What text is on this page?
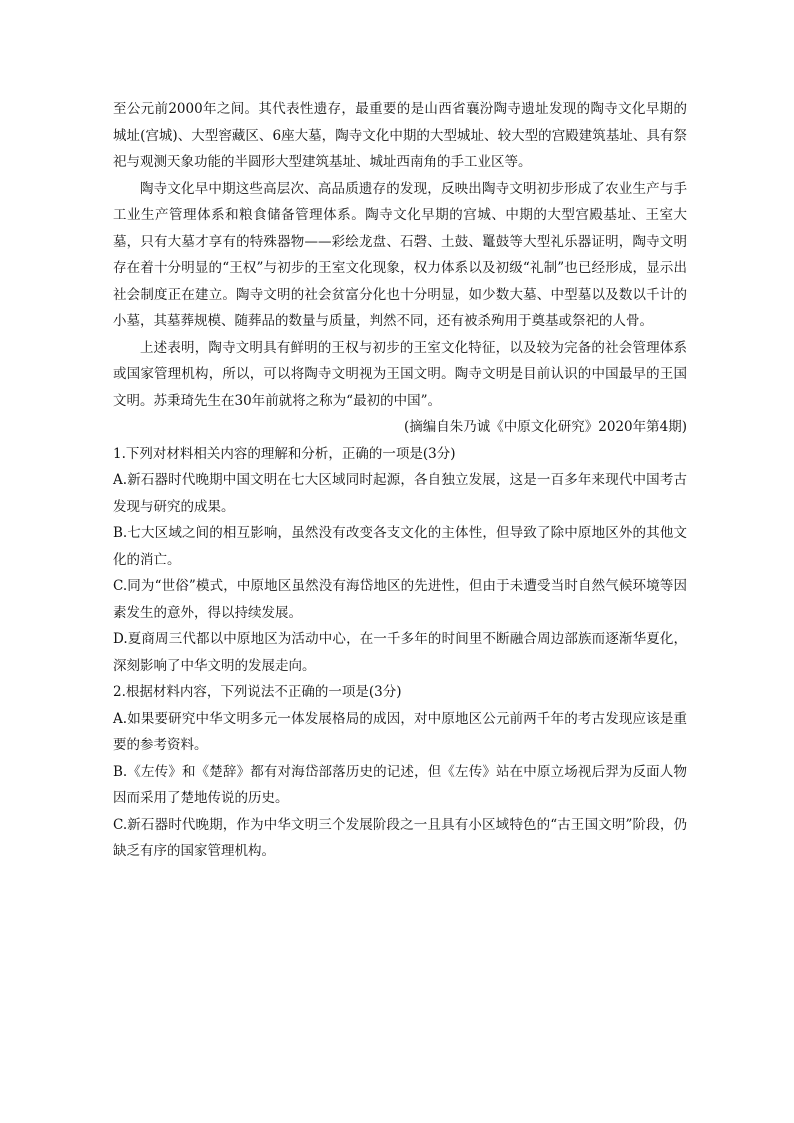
至公元前2000年之间。其代表性遗存，最重要的是山西省襄汾陶寺遗址发现的陶寺文化早期的城址(宫城)、大型窖藏区、6座大墓，陶寺文化中期的大型城址、较大型的宫殿建筑基址、具有祭祀与观测天象功能的半圆形大型建筑基址、城址西南角的手工业区等。

陶寺文化早中期这些高层次、高品质遗存的发现，反映出陶寺文明初步形成了农业生产与手工业生产管理体系和粮食储备管理体系。陶寺文化早期的宫城、中期的大型宫殿基址、王室大墓，只有大墓才享有的特殊器物——彩绘龙盘、石磬、土鼓、鼍鼓等大型礼乐器证明，陶寺文明存在着十分明显的“王权”与初步的王室文化现象，权力体系以及初级“礼制”也已经形成，显示出社会制度正在建立。陶寺文明的社会贫富分化也十分明显，如少数大墓、中型墓以及数以千计的小墓，其墓葬规模、随葬品的数量与质量，判然不同，还有被杀殉用于奠基或祭祀的人骨。

上述表明，陶寺文明具有鲜明的王权与初步的王室文化特征，以及较为完备的社会管理体系或国家管理机构，所以，可以将陶寺文明视为王国文明。陶寺文明是目前认识的中国最早的王国文明。苏秉琦先生在30年前就将之称为“最初的中国”。

(摘编自朱乃诚《中原文化研究》2020年第4期)

1.下列对材料相关内容的理解和分析，正确的一项是(3分)

A.新石器时代晚期中国文明在七大区域同时起源，各自独立发展，这是一百多年来现代中国考古发现与研究的成果。

B.七大区域之间的相互影响，虽然没有改变各支文化的主体性，但导致了除中原地区外的其他文化的消亡。

C.同为“世俗”模式，中原地区虽然没有海岱地区的先进性，但由于未遭受当时自然气候环境等因素发生的意外，得以持续发展。

D.夏商周三代都以中原地区为活动中心，在一千多年的时间里不断融合周边部族而逐渐华夏化，深刻影响了中华文明的发展走向。

2.根据材料内容，下列说法不正确的一项是(3分)

A.如果要研究中华文明多元一体发展格局的成因，对中原地区公元前两千年的考古发现应该是重要的参考资料。

B.《左传》和《楚辞》都有对海岱部落历史的记述，但《左传》站在中原立场视后羿为反面人物因而采用了楚地传说的历史。

C.新石器时代晚期，作为中华文明三个发展阶段之一且具有小区域特色的“古王国文明”阶段，仍缺乏有序的国家管理机构。
